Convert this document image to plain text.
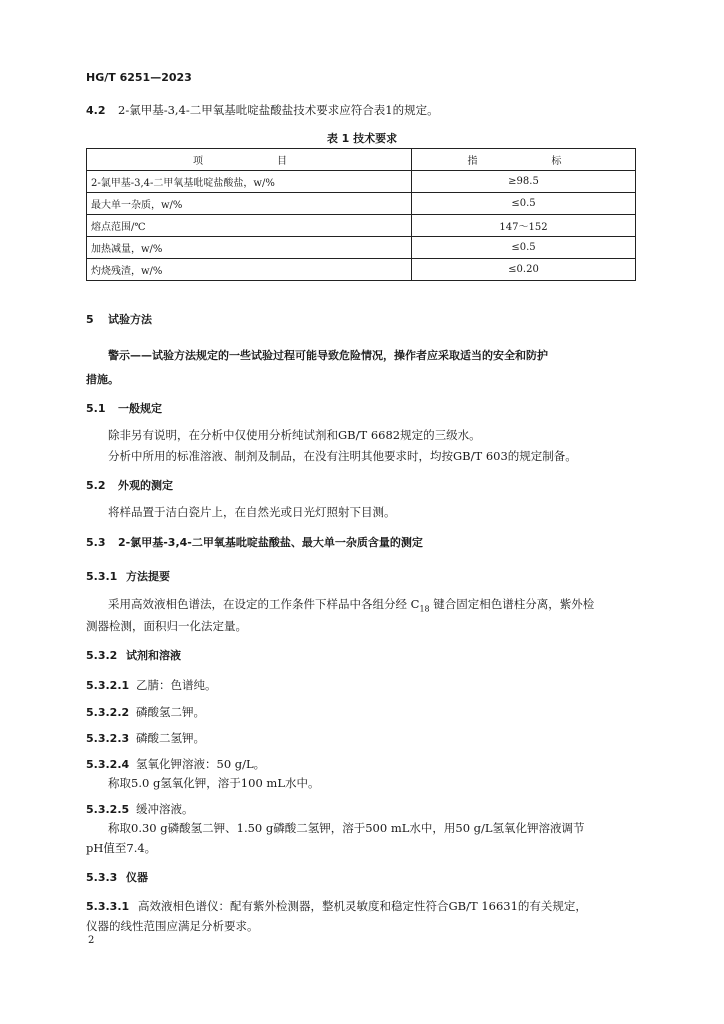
HG/T 6251—2023
4.2 2-氯甲基-3,4-二甲氧基吡啶盐酸盐技术要求应符合表1的规定。
表 1 技术要求
项　　目	指　　标
2-氯甲基-3,4-二甲氧基吡啶盐酸盐，w/%	≥98.5
最大单一杂质，w/%	≤0.5
熔点范围/℃	147～152
加热减量，w/%	≤0.5
灼烧残渣，w/%	≤0.20
5 试验方法
警示——试验方法规定的一些试验过程可能导致危险情况，操作者应采取适当的安全和防护
措施。
5.1 一般规定
除非另有说明，在分析中仅使用分析纯试剂和GB/T 6682规定的三级水。
分析中所用的标准溶液、制剂及制品，在没有注明其他要求时，均按GB/T 603的规定制备。
5.2 外观的测定
将样品置于洁白瓷片上，在自然光或日光灯照射下目测。
5.3 2-氯甲基-3,4-二甲氧基吡啶盐酸盐、最大单一杂质含量的测定
5.3.1 方法提要
采用高效液相色谱法，在设定的工作条件下样品中各组分经 $C_{18}$ 键合固定相色谱柱分离，紫外检
测器检测，面积归一化法定量。
5.3.2 试剂和溶液
5.3.2.1 乙腈：色谱纯。
5.3.2.2 磷酸氢二钾。
5.3.2.3 磷酸二氢钾。
5.3.2.4 氢氧化钾溶液：50 g/L。
称取5.0 g氢氧化钾，溶于100 mL水中。
5.3.2.5 缓冲溶液。
称取0.30 g磷酸氢二钾、1.50 g磷酸二氢钾，溶于500 mL水中，用50 g/L氢氧化钾溶液调节
pH值至7.4。
5.3.3 仪器
5.3.3.1 高效液相色谱仪：配有紫外检测器，整机灵敏度和稳定性符合GB/T 16631的有关规定，
仪器的线性范围应满足分析要求。
2
